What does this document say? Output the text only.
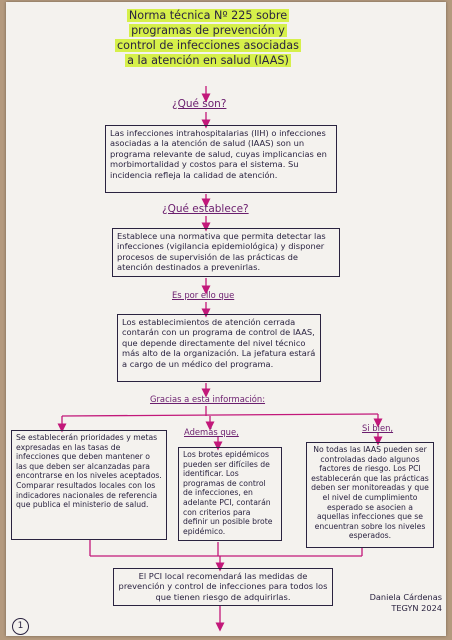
Norma técnica Nº 225 sobre programas de prevención y control de infecciones asociadas a la atención en salud (IAAS)
¿Qué son?
Las infecciones intrahospitalarias (IIH) o infecciones asociadas a la atención de salud (IAAS) son un programa relevante de salud, cuyas implicancias en morbimortalidad y costos para el sistema. Su incidencia refleja la calidad de atención.
¿Qué establece?
Establece una normativa que permita detectar las infecciones (vigilancia epidemiológica) y disponer procesos de supervisión de las prácticas de atención destinados a prevenirlas.
Es por ello que
Los establecimientos de atención cerrada contarán con un programa de control de IAAS, que depende directamente del nivel técnico más alto de la organización. La jefatura estará a cargo de un médico del programa.
Gracias a esta información:
Además que,	Si bien,
Se establecerán prioridades y metas expresadas en las tasas de infecciones que deben mantener o las que deben ser alcanzadas para encontrarse en los niveles aceptados. Comparar resultados locales con los indicadores nacionales de referencia que publica el ministerio de salud.
Los brotes epidémicos pueden ser difíciles de identificar. Los programas de control de infecciones, en adelante PCI, contarán con criterios para definir un posible brote epidémico.
No todas las IAAS pueden ser controladas dado algunos factores de riesgo. Los PCI establecerán que las prácticas deben ser monitoreadas y que el nivel de cumplimiento esperado se asocien a aquellas infecciones que se encuentran sobre los niveles esperados.
El PCI local recomendará las medidas de prevención y control de infecciones para todos los que tienen riesgo de adquirirlas.	Daniela Cárdenas
TEGYN 2024
1
